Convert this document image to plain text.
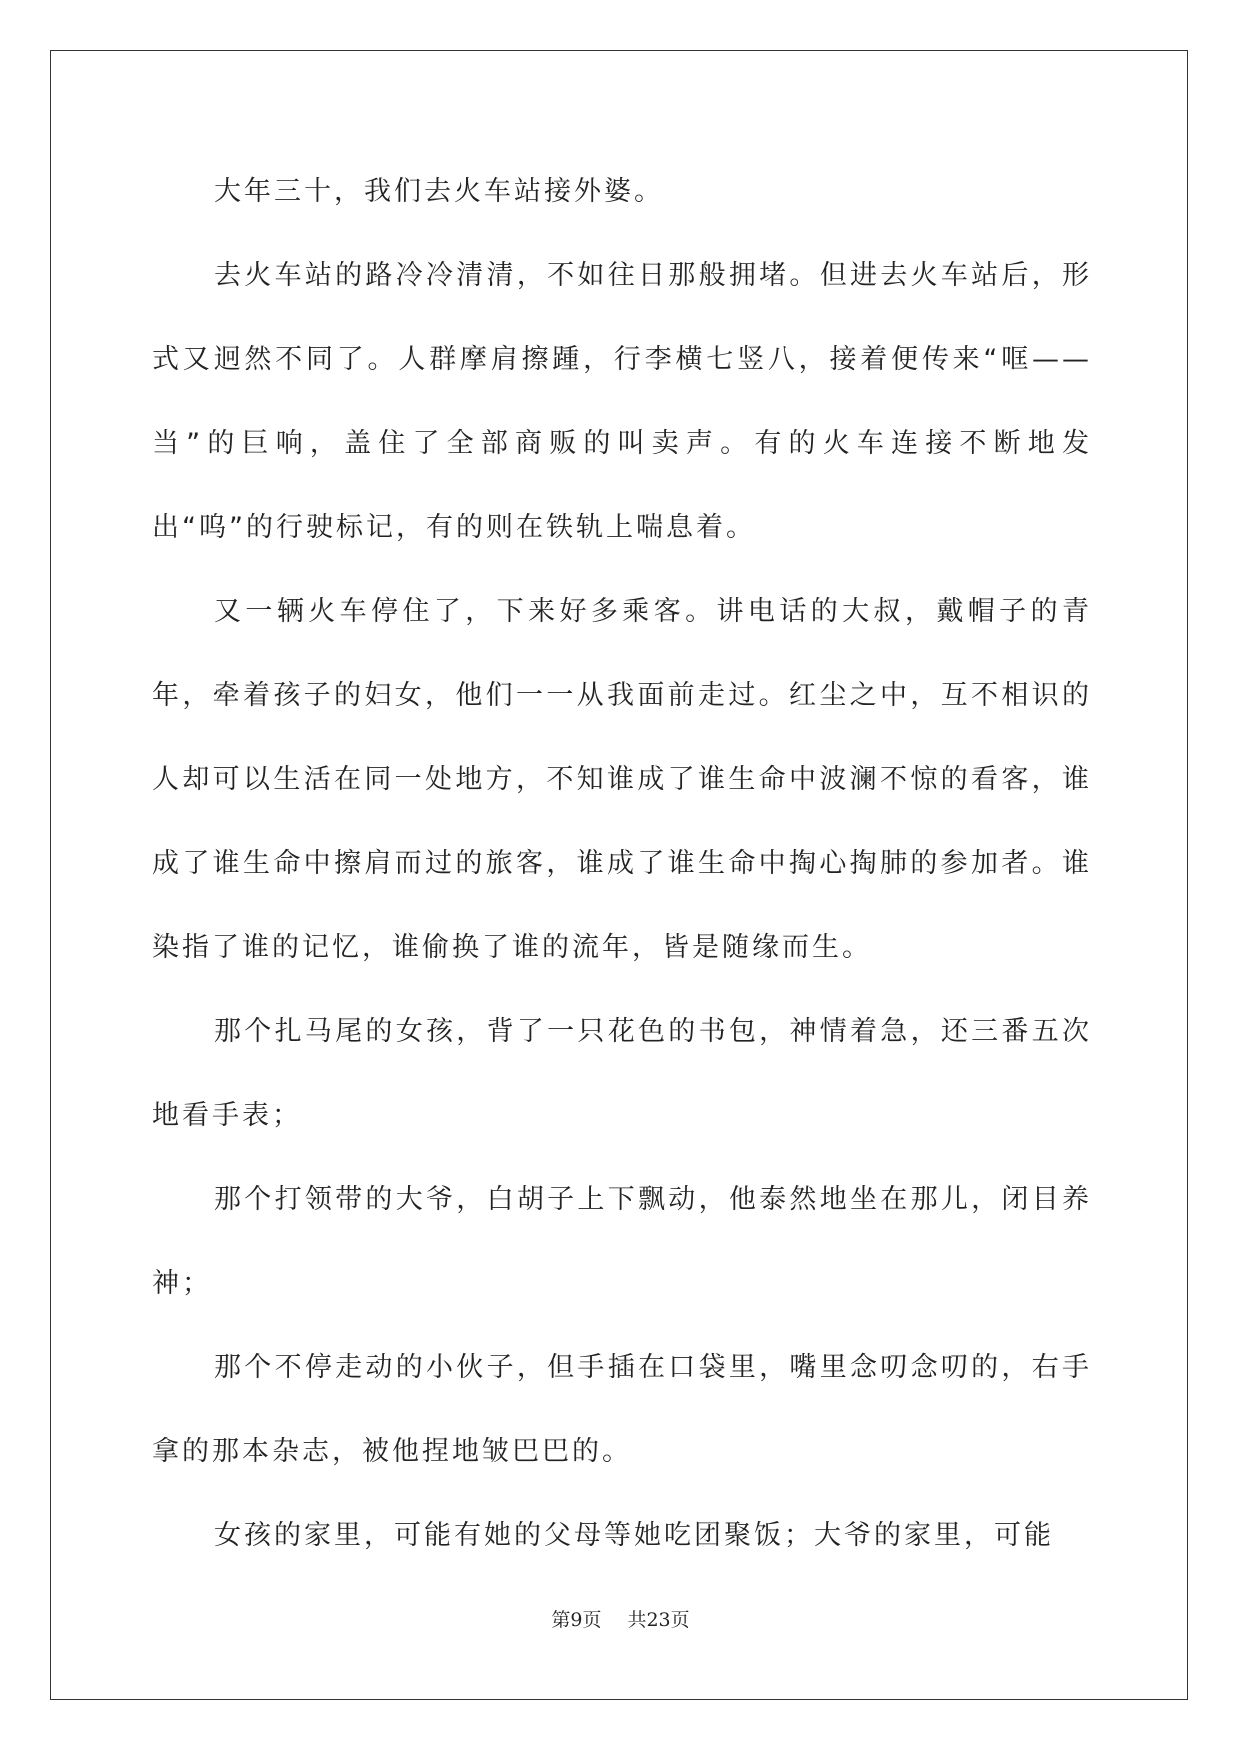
大年三十，我们去火车站接外婆。

去火车站的路冷冷清清，不如往日那般拥堵。但进去火车站后，形式又迥然不同了。人群摩肩擦踵，行李横七竖八，接着便传来“哐——当”的巨响，盖住了全部商贩的叫卖声。有的火车连接不断地发出“呜”的行驶标记，有的则在铁轨上喘息着。

又一辆火车停住了，下来好多乘客。讲电话的大叔，戴帽子的青年，牵着孩子的妇女，他们一一从我面前走过。红尘之中，互不相识的人却可以生活在同一处地方，不知谁成了谁生命中波澜不惊的看客，谁成了谁生命中擦肩而过的旅客，谁成了谁生命中掏心掏肺的参加者。谁染指了谁的记忆，谁偷换了谁的流年，皆是随缘而生。

那个扎马尾的女孩，背了一只花色的书包，神情着急，还三番五次地看手表；

那个打领带的大爷，白胡子上下飘动，他泰然地坐在那儿，闭目养神；

那个不停走动的小伙子，但手插在口袋里，嘴里念叨念叨的，右手拿的那本杂志，被他捏地皱巴巴的。

女孩的家里，可能有她的父母等她吃团聚饭；大爷的家里，可能

第9页 共23页
